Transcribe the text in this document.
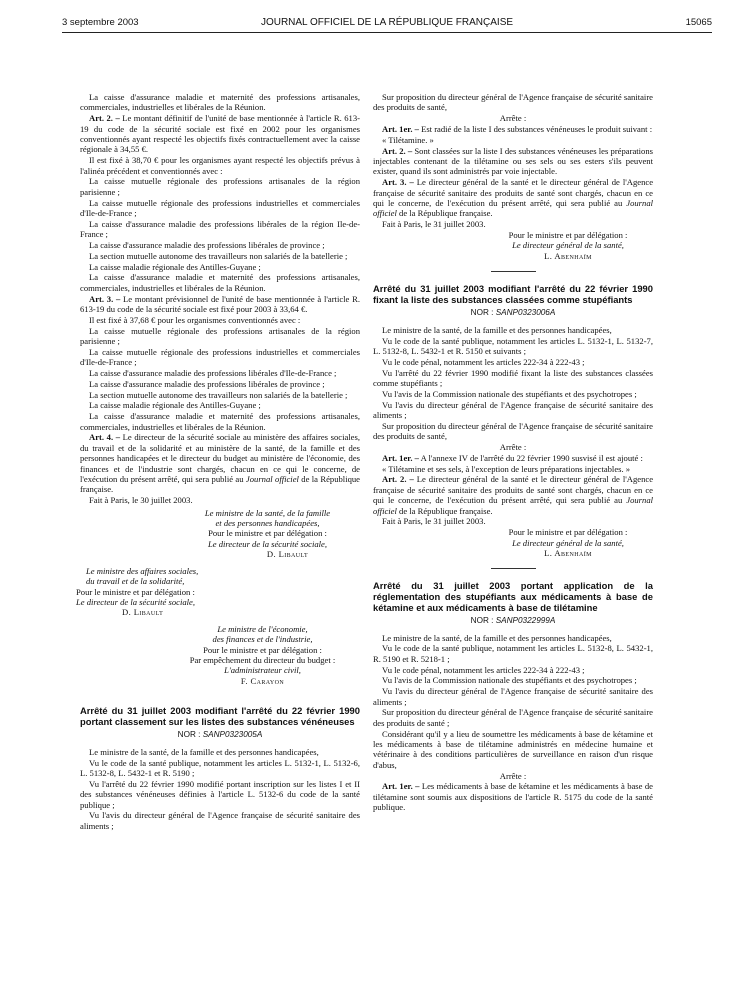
3 septembre 2003	JOURNAL OFFICIEL DE LA RÉPUBLIQUE FRANÇAISE	15065

La caisse d'assurance maladie et maternité des professions artisanales, commerciales, industrielles et libérales de la Réunion.

Art. 2. – Le montant définitif de l'unité de base mentionnée à l'article R. 613-19 du code de la sécurité sociale est fixé en 2002 pour les organismes conventionnés ayant respecté les objectifs fixés contractuellement avec la caisse régionale à 34,55 €.

Il est fixé à 38,70 € pour les organismes ayant respecté les objectifs prévus à l'alinéa précédent et conventionnés avec :

La caisse mutuelle régionale des professions artisanales de la région parisienne ;

La caisse mutuelle régionale des professions industrielles et commerciales d'Ile-de-France ;

La caisse d'assurance maladie des professions libérales de la région Ile-de-France ;

La caisse d'assurance maladie des professions libérales de province ;

La section mutuelle autonome des travailleurs non salariés de la batellerie ;

La caisse maladie régionale des Antilles-Guyane ;

La caisse d'assurance maladie et maternité des professions artisanales, commerciales, industrielles et libérales de la Réunion.

Art. 3. – Le montant prévisionnel de l'unité de base mentionnée à l'article R. 613-19 du code de la sécurité sociale est fixé pour 2003 à 33,64 €.

Il est fixé à 37,68 € pour les organismes conventionnés avec :

La caisse mutuelle régionale des professions artisanales de la région parisienne ;

La caisse mutuelle régionale des professions industrielles et commerciales d'Ile-de-France ;

La caisse d'assurance maladie des professions libérales d'Ile-de-France ;

La caisse d'assurance maladie des professions libérales de province ;

La section mutuelle autonome des travailleurs non salariés de la batellerie ;

La caisse maladie régionale des Antilles-Guyane ;

La caisse d'assurance maladie et maternité des professions artisanales, commerciales, industrielles et libérales de la Réunion.

Art. 4. – Le directeur de la sécurité sociale au ministère des affaires sociales, du travail et de la solidarité et au ministère de la santé, de la famille et des personnes handicapées et le directeur du budget au ministère de l'économie, des finances et de l'industrie sont chargés, chacun en ce qui le concerne, de l'exécution du présent arrêté, qui sera publié au Journal officiel de la République française.

Fait à Paris, le 30 juillet 2003.

Le ministre de la santé, de la famille
et des personnes handicapées,
Pour le ministre et par délégation :
Le directeur de la sécurité sociale,
D. Libault
Le ministre des affaires sociales,
du travail et de la solidarité,
Pour le ministre et par délégation :
Le directeur de la sécurité sociale,
D. Libault
Le ministre de l'économie,
des finances et de l'industrie,
Pour le ministre et par délégation :
Par empêchement du directeur du budget :
L'administrateur civil,
F. Carayon
Arrêté du 31 juillet 2003 modifiant l'arrêté du 22 février 1990 portant classement sur les listes des substances vénéneuses
NOR : SANP0323005A

Le ministre de la santé, de la famille et des personnes handicapées,

Vu le code de la santé publique, notamment les articles L. 5132-1, L. 5132-6, L. 5132-8, L. 5432-1 et R. 5190 ;

Vu l'arrêté du 22 février 1990 modifié portant inscription sur les listes I et II des substances vénéneuses définies à l'article L. 5132-6 du code de la santé publique ;

Vu l'avis du directeur général de l'Agence française de sécurité sanitaire des aliments ;

Sur proposition du directeur général de l'Agence française de sécurité sanitaire des produits de santé,

Arrête :

Art. 1er. – Est radié de la liste I des substances vénéneuses le produit suivant :

« Tilétamine. »

Art. 2. – Sont classées sur la liste I des substances vénéneuses les préparations injectables contenant de la tilétamine ou ses sels ou ses esters s'ils peuvent exister, quand ils sont administrés par voie injectable.

Art. 3. – Le directeur général de la santé et le directeur général de l'Agence française de sécurité sanitaire des produits de santé sont chargés, chacun en ce qui le concerne, de l'exécution du présent arrêté, qui sera publié au Journal officiel de la République française.

Fait à Paris, le 31 juillet 2003.

Pour le ministre et par délégation :
Le directeur général de la santé,
L. Abenhaïm
Arrêté du 31 juillet 2003 modifiant l'arrêté du 22 février 1990 fixant la liste des substances classées comme stupéfiants
NOR : SANP0323006A

Le ministre de la santé, de la famille et des personnes handicapées,

Vu le code de la santé publique, notamment les articles L. 5132-1, L. 5132-7, L. 5132-8, L. 5432-1 et R. 5150 et suivants ;

Vu le code pénal, notamment les articles 222-34 à 222-43 ;

Vu l'arrêté du 22 février 1990 modifié fixant la liste des substances classées comme stupéfiants ;

Vu l'avis de la Commission nationale des stupéfiants et des psychotropes ;

Vu l'avis du directeur général de l'Agence française de sécurité sanitaire des aliments ;

Sur proposition du directeur général de l'Agence française de sécurité sanitaire des produits de santé,

Arrête :

Art. 1er. – A l'annexe IV de l'arrêté du 22 février 1990 susvisé il est ajouté :

« Tilétamine et ses sels, à l'exception de leurs préparations injectables. »

Art. 2. – Le directeur général de la santé et le directeur général de l'Agence française de sécurité sanitaire des produits de santé sont chargés, chacun en ce qui le concerne, de l'exécution du présent arrêté, qui sera publié au Journal officiel de la République française.

Fait à Paris, le 31 juillet 2003.

Pour le ministre et par délégation :
Le directeur général de la santé,
L. Abenhaïm
Arrêté du 31 juillet 2003 portant application de la réglementation des stupéfiants aux médicaments à base de kétamine et aux médicaments à base de tilétamine
NOR : SANP0322999A

Le ministre de la santé, de la famille et des personnes handicapées,

Vu le code de la santé publique, notamment les articles L. 5132-8, L. 5432-1, R. 5190 et R. 5218-1 ;

Vu le code pénal, notamment les articles 222-34 à 222-43 ;

Vu l'avis de la Commission nationale des stupéfiants et des psychotropes ;

Vu l'avis du directeur général de l'Agence française de sécurité sanitaire des aliments ;

Sur proposition du directeur général de l'Agence française de sécurité sanitaire des produits de santé ;

Considérant qu'il y a lieu de soumettre les médicaments à base de kétamine et les médicaments à base de tilétamine administrés en médecine humaine et vétérinaire à des conditions particulières de surveillance en raison d'un risque d'abus,

Arrête :

Art. 1er. – Les médicaments à base de kétamine et les médicaments à base de tilétamine sont soumis aux dispositions de l'article R. 5175 du code de la santé publique.
